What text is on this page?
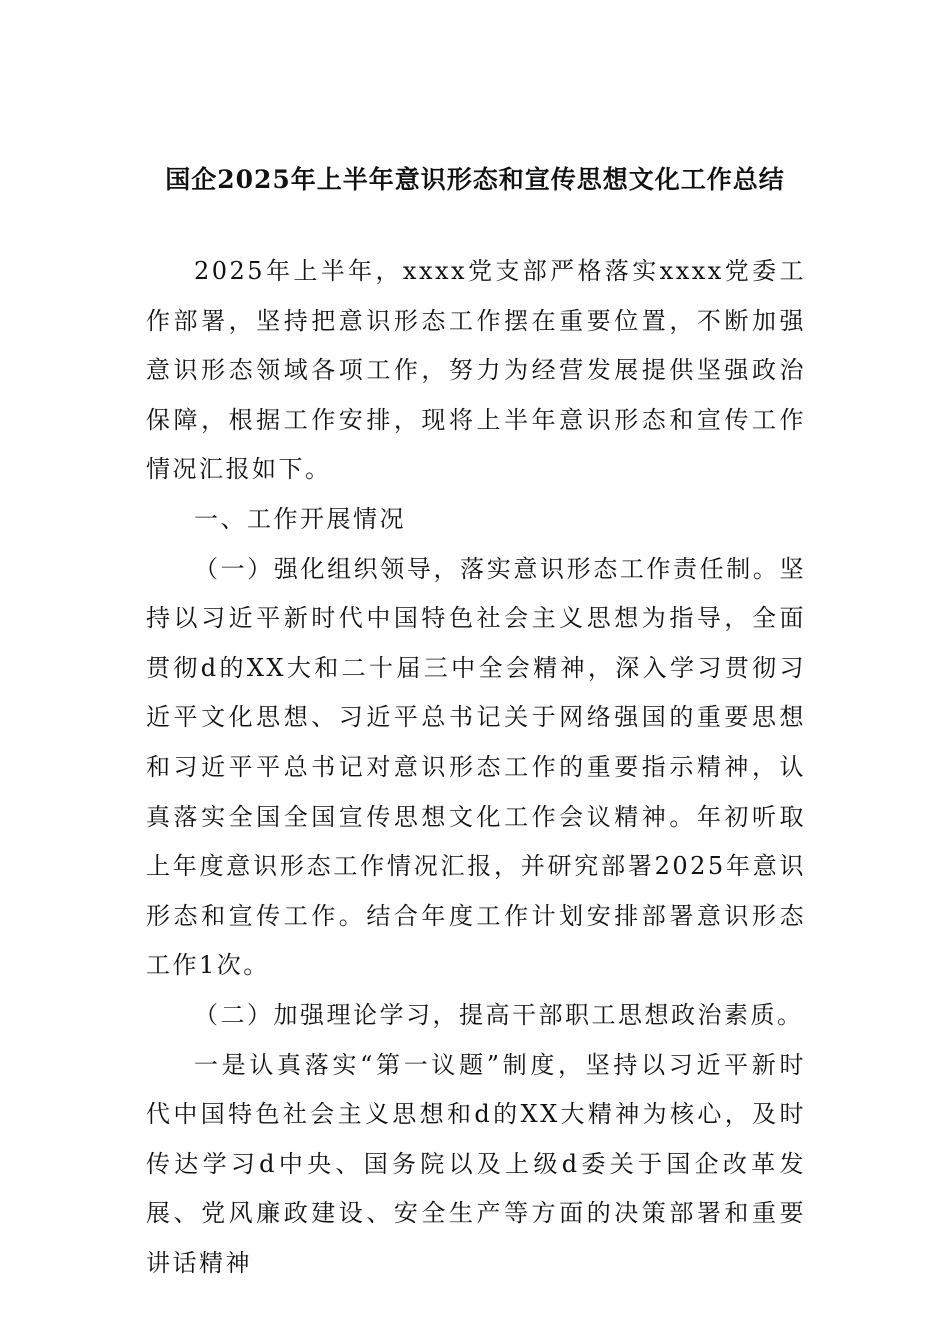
国企2025年上半年意识形态和宣传思想文化工作总结

2025年上半年，xxxx党支部严格落实xxxx党委工作部署，坚持把意识形态工作摆在重要位置，不断加强意识形态领域各项工作，努力为经营发展提供坚强政治保障，根据工作安排，现将上半年意识形态和宣传工作情况汇报如下。

一、工作开展情况

（一）强化组织领导，落实意识形态工作责任制。坚持以习近平新时代中国特色社会主义思想为指导，全面贯彻d的XX大和二十届三中全会精神，深入学习贯彻习近平文化思想、习近平总书记关于网络强国的重要思想和习近平平总书记对意识形态工作的重要指示精神，认真落实全国全国宣传思想文化工作会议精神。年初听取上年度意识形态工作情况汇报，并研究部署2025年意识形态和宣传工作。结合年度工作计划安排部署意识形态工作1次。

（二）加强理论学习，提高干部职工思想政治素质。

一是认真落实“第一议题”制度，坚持以习近平新时代中国特色社会主义思想和d的XX大精神为核心，及时传达学习d中央、国务院以及上级d委关于国企改革发展、党风廉政建设、安全生产等方面的决策部署和重要讲话精神
